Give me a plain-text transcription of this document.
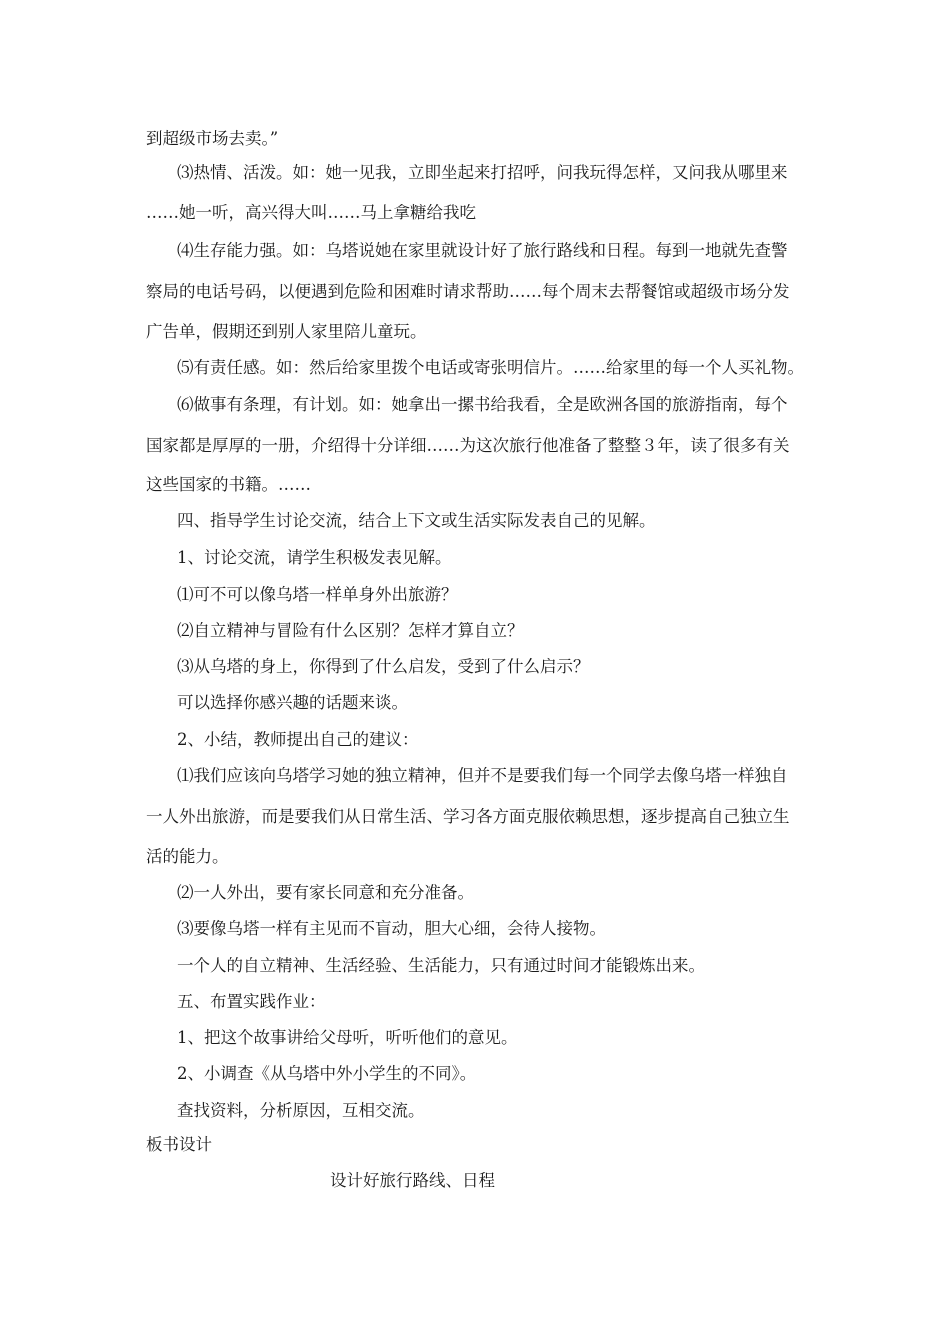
到超级市场去卖。”

⑶热情、活泼。如：她一见我，立即坐起来打招呼，问我玩得怎样，又问我从哪里来

……她一听，高兴得大叫……马上拿糖给我吃

⑷生存能力强。如：乌塔说她在家里就设计好了旅行路线和日程。每到一地就先查警

察局的电话号码，以便遇到危险和困难时请求帮助……每个周末去帮餐馆或超级市场分发

广告单，假期还到别人家里陪儿童玩。

⑸有责任感。如：然后给家里拨个电话或寄张明信片。……给家里的每一个人买礼物。

⑹做事有条理，有计划。如：她拿出一摞书给我看，全是欧洲各国的旅游指南，每个

国家都是厚厚的一册，介绍得十分详细……为这次旅行他准备了整整３年，读了很多有关

这些国家的书籍。……

四、指导学生讨论交流，结合上下文或生活实际发表自己的见解。

1、讨论交流，请学生积极发表见解。

⑴可不可以像乌塔一样单身外出旅游？

⑵自立精神与冒险有什么区别？怎样才算自立？

⑶从乌塔的身上，你得到了什么启发，受到了什么启示？

可以选择你感兴趣的话题来谈。

2、小结，教师提出自己的建议：

⑴我们应该向乌塔学习她的独立精神，但并不是要我们每一个同学去像乌塔一样独自

一人外出旅游，而是要我们从日常生活、学习各方面克服依赖思想，逐步提高自己独立生

活的能力。

⑵一人外出，要有家长同意和充分准备。

⑶要像乌塔一样有主见而不盲动，胆大心细，会待人接物。

一个人的自立精神、生活经验、生活能力，只有通过时间才能锻炼出来。

五、布置实践作业：

1、把这个故事讲给父母听，听听他们的意见。

2、小调查《从乌塔中外小学生的不同》。

查找资料，分析原因，互相交流。

板书设计

设计好旅行路线、日程
